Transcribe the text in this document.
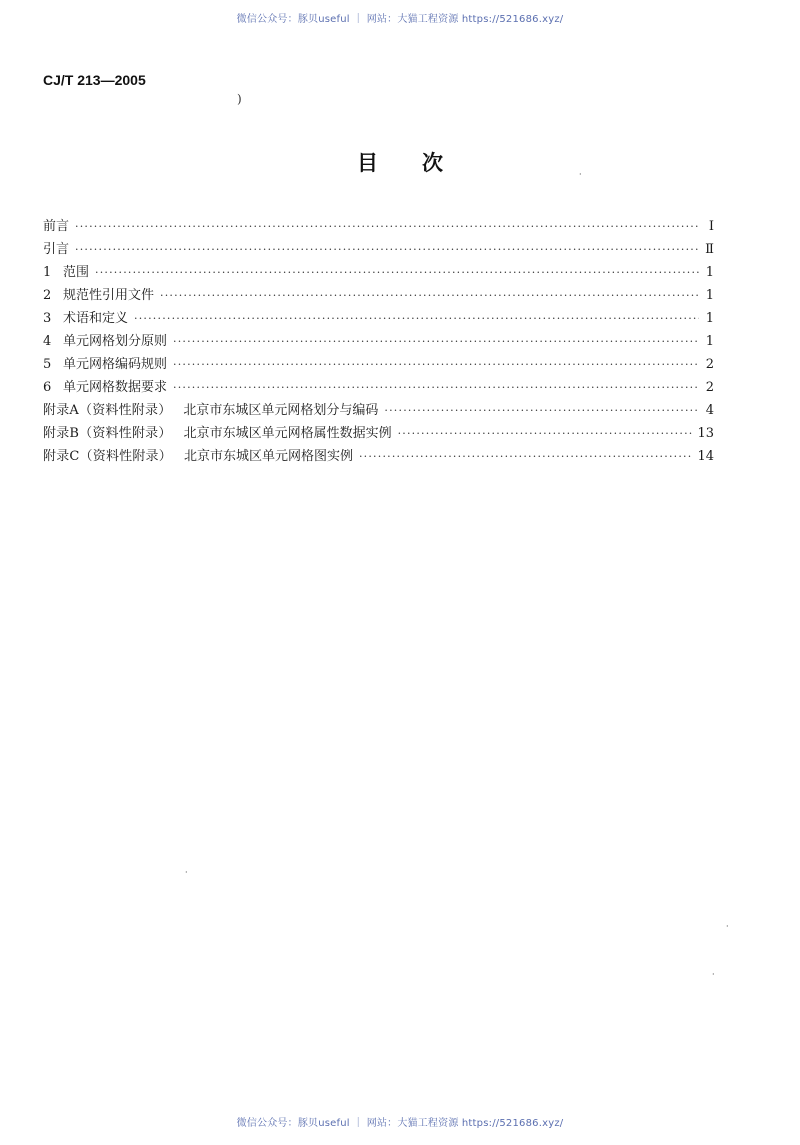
微信公众号：豚贝useful ｜ 网站：大猫工程资源 https://521686.xyz/
CJ/T 213—2005
)
目次
前言 ·····	Ⅰ
引言 ·····	Ⅱ
1 范围 ·····	1
2 规范性引用文件 ·····	1
3 术语和定义 ·····	1
4 单元网格划分原则 ·····	1
5 单元网格编码规则 ·····	2
6 单元网格数据要求 ·····	2
附录A（资料性附录） 北京市东城区单元网格划分与编码 ·····	4
附录B（资料性附录） 北京市东城区单元网格属性数据实例 ·····	13
附录C（资料性附录） 北京市东城区单元网格图实例 ·····	14
·
·
·
·
微信公众号：豚贝useful ｜ 网站：大猫工程资源 https://521686.xyz/
